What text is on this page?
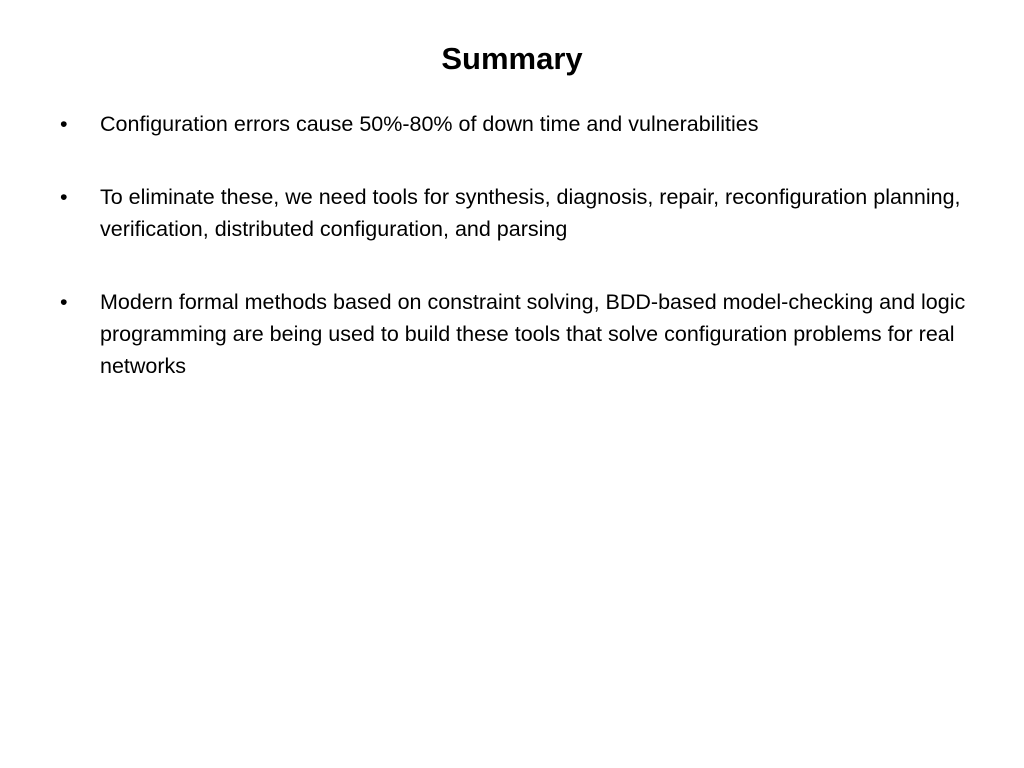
Summary
• Configuration errors cause 50%-80% of down time and vulnerabilities
• To eliminate these, we need tools for synthesis, diagnosis, repair, reconfiguration planning, verification, distributed configuration, and parsing
• Modern formal methods based on constraint solving, BDD-based model-checking and logic programming are being used to build these tools that solve configuration problems for real networks
